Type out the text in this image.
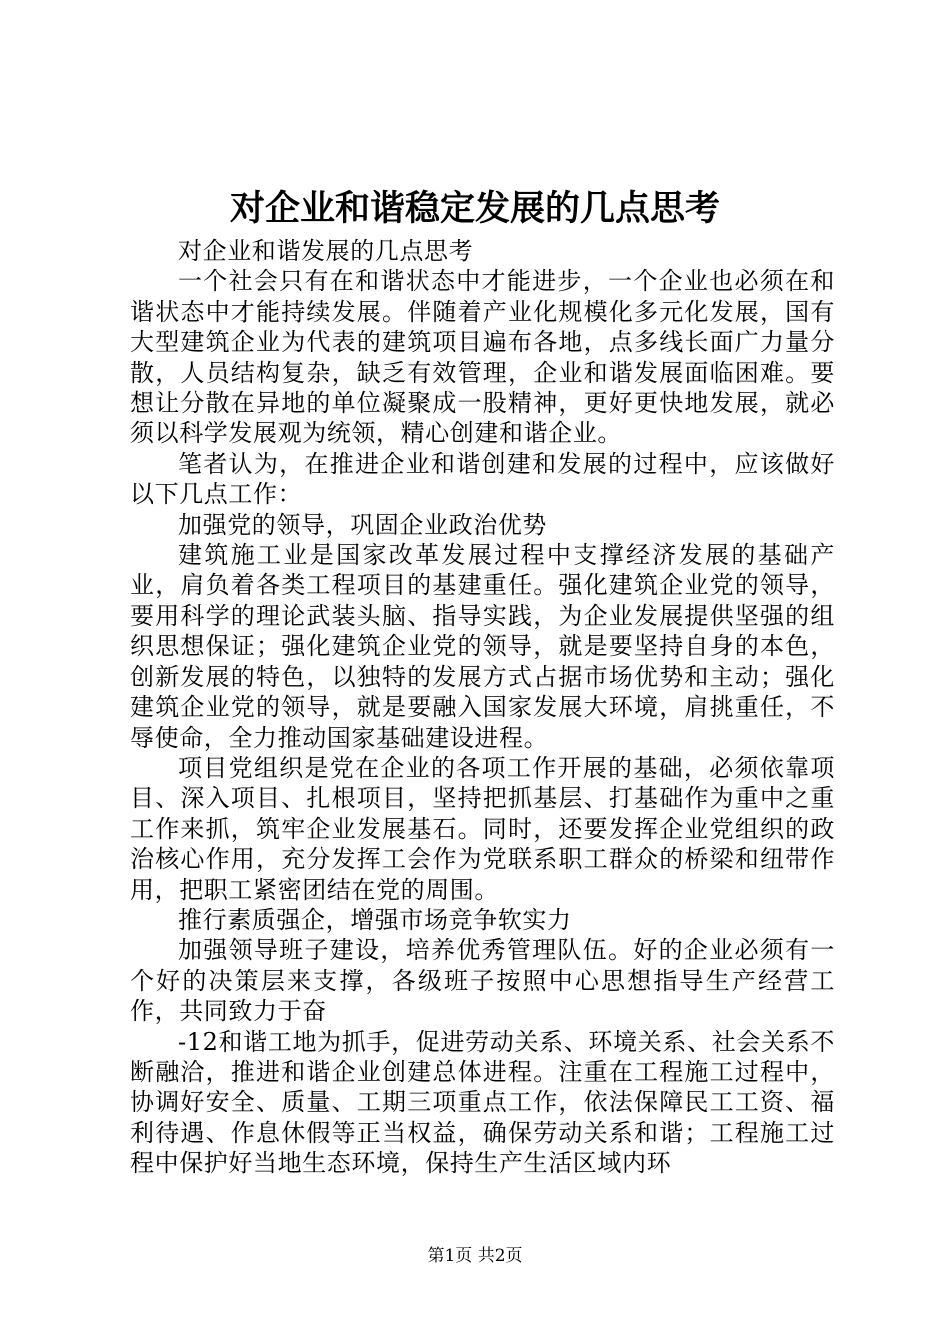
对企业和谐稳定发展的几点思考

对企业和谐发展的几点思考

一个社会只有在和谐状态中才能进步，一个企业也必须在和谐状态中才能持续发展。伴随着产业化规模化多元化发展，国有大型建筑企业为代表的建筑项目遍布各地，点多线长面广力量分散，人员结构复杂，缺乏有效管理，企业和谐发展面临困难。要想让分散在异地的单位凝聚成一股精神，更好更快地发展，就必须以科学发展观为统领，精心创建和谐企业。

笔者认为，在推进企业和谐创建和发展的过程中，应该做好以下几点工作：

加强党的领导，巩固企业政治优势

建筑施工业是国家改革发展过程中支撑经济发展的基础产业，肩负着各类工程项目的基建重任。强化建筑企业党的领导，要用科学的理论武装头脑、指导实践，为企业发展提供坚强的组织思想保证；强化建筑企业党的领导，就是要坚持自身的本色，创新发展的特色，以独特的发展方式占据市场优势和主动；强化建筑企业党的领导，就是要融入国家发展大环境，肩挑重任，不辱使命，全力推动国家基础建设进程。

项目党组织是党在企业的各项工作开展的基础，必须依靠项目、深入项目、扎根项目，坚持把抓基层、打基础作为重中之重工作来抓，筑牢企业发展基石。同时，还要发挥企业党组织的政治核心作用，充分发挥工会作为党联系职工群众的桥梁和纽带作用，把职工紧密团结在党的周围。

推行素质强企，增强市场竞争软实力

加强领导班子建设，培养优秀管理队伍。好的企业必须有一个好的决策层来支撑，各级班子按照中心思想指导生产经营工作，共同致力于奋

-12和谐工地为抓手，促进劳动关系、环境关系、社会关系不断融洽，推进和谐企业创建总体进程。注重在工程施工过程中，协调好安全、质量、工期三项重点工作，依法保障民工工资、福利待遇、作息休假等正当权益，确保劳动关系和谐；工程施工过程中保护好当地生态环境，保持生产生活区域内环

第1页 共2页
